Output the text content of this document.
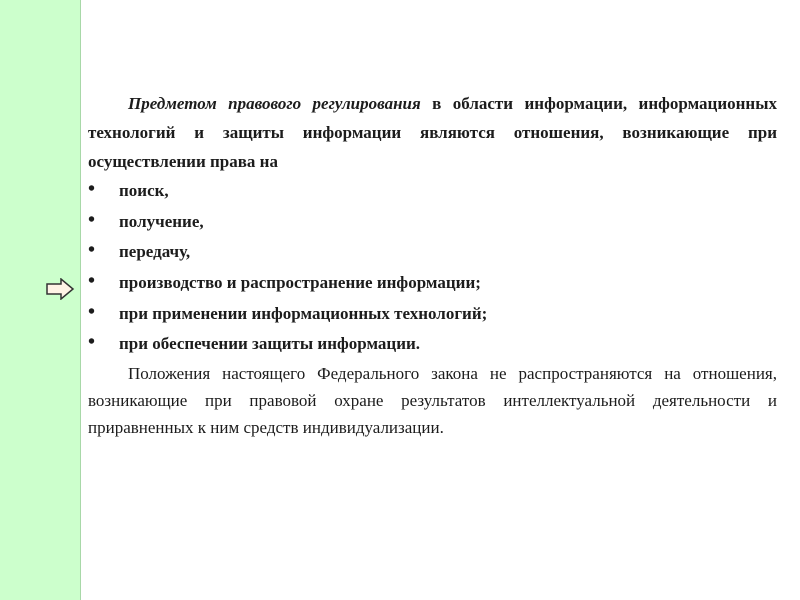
Предметом правового регулирования в области информации, информационных технологий и защиты информации являются отношения, возникающие при осуществлении права на

• поиск,
• получение,
• передачу,
• производство и распространение информации;
• при применении информационных технологий;
• при обеспечении защиты информации.

Положения настоящего Федерального закона не распространяются на отношения, возникающие при правовой охране результатов интеллектуальной деятельности и приравненных к ним средств индивидуализации.
